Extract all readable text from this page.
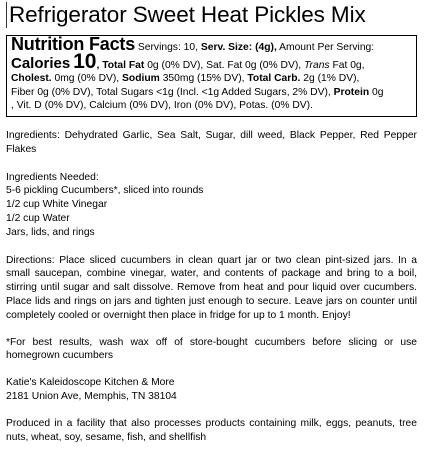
Refrigerator Sweet Heat Pickles Mix
Nutrition Facts Servings: 10, Serv. Size: (4g), Amount Per Serving:
Calories 10, Total Fat 0g (0% DV), Sat. Fat 0g (0% DV), Trans Fat 0g,
Cholest. 0mg (0% DV), Sodium 350mg (15% DV), Total Carb. 2g (1% DV),
Fiber 0g (0% DV), Total Sugars <1g (Incl. <1g Added Sugars, 2% DV), Protein 0g
, Vit. D (0% DV), Calcium (0% DV), Iron (0% DV), Potas. (0% DV).

Ingredients: Dehydrated Garlic, Sea Salt, Sugar, dill weed, Black Pepper, Red Pepper Flakes

Ingredients Needed:
5-6 pickling Cucumbers*, sliced into rounds
1/2 cup White Vinegar
1/2 cup Water
Jars, lids, and rings

Directions: Place sliced cucumbers in clean quart jar or two clean pint-sized jars. In a small saucepan, combine vinegar, water, and contents of package and bring to a boil, stirring until sugar and salt dissolve. Remove from heat and pour liquid over cucumbers. Place lids and rings on jars and tighten just enough to secure. Leave jars on counter until completely cooled or overnight then place in fridge for up to 1 month. Enjoy!

*For best results, wash wax off of store-bought cucumbers before slicing or use homegrown cucumbers

Katie's Kaleidoscope Kitchen & More
2181 Union Ave, Memphis, TN 38104

Produced in a facility that also processes products containing milk, eggs, peanuts, tree nuts, wheat, soy, sesame, fish, and shellfish
